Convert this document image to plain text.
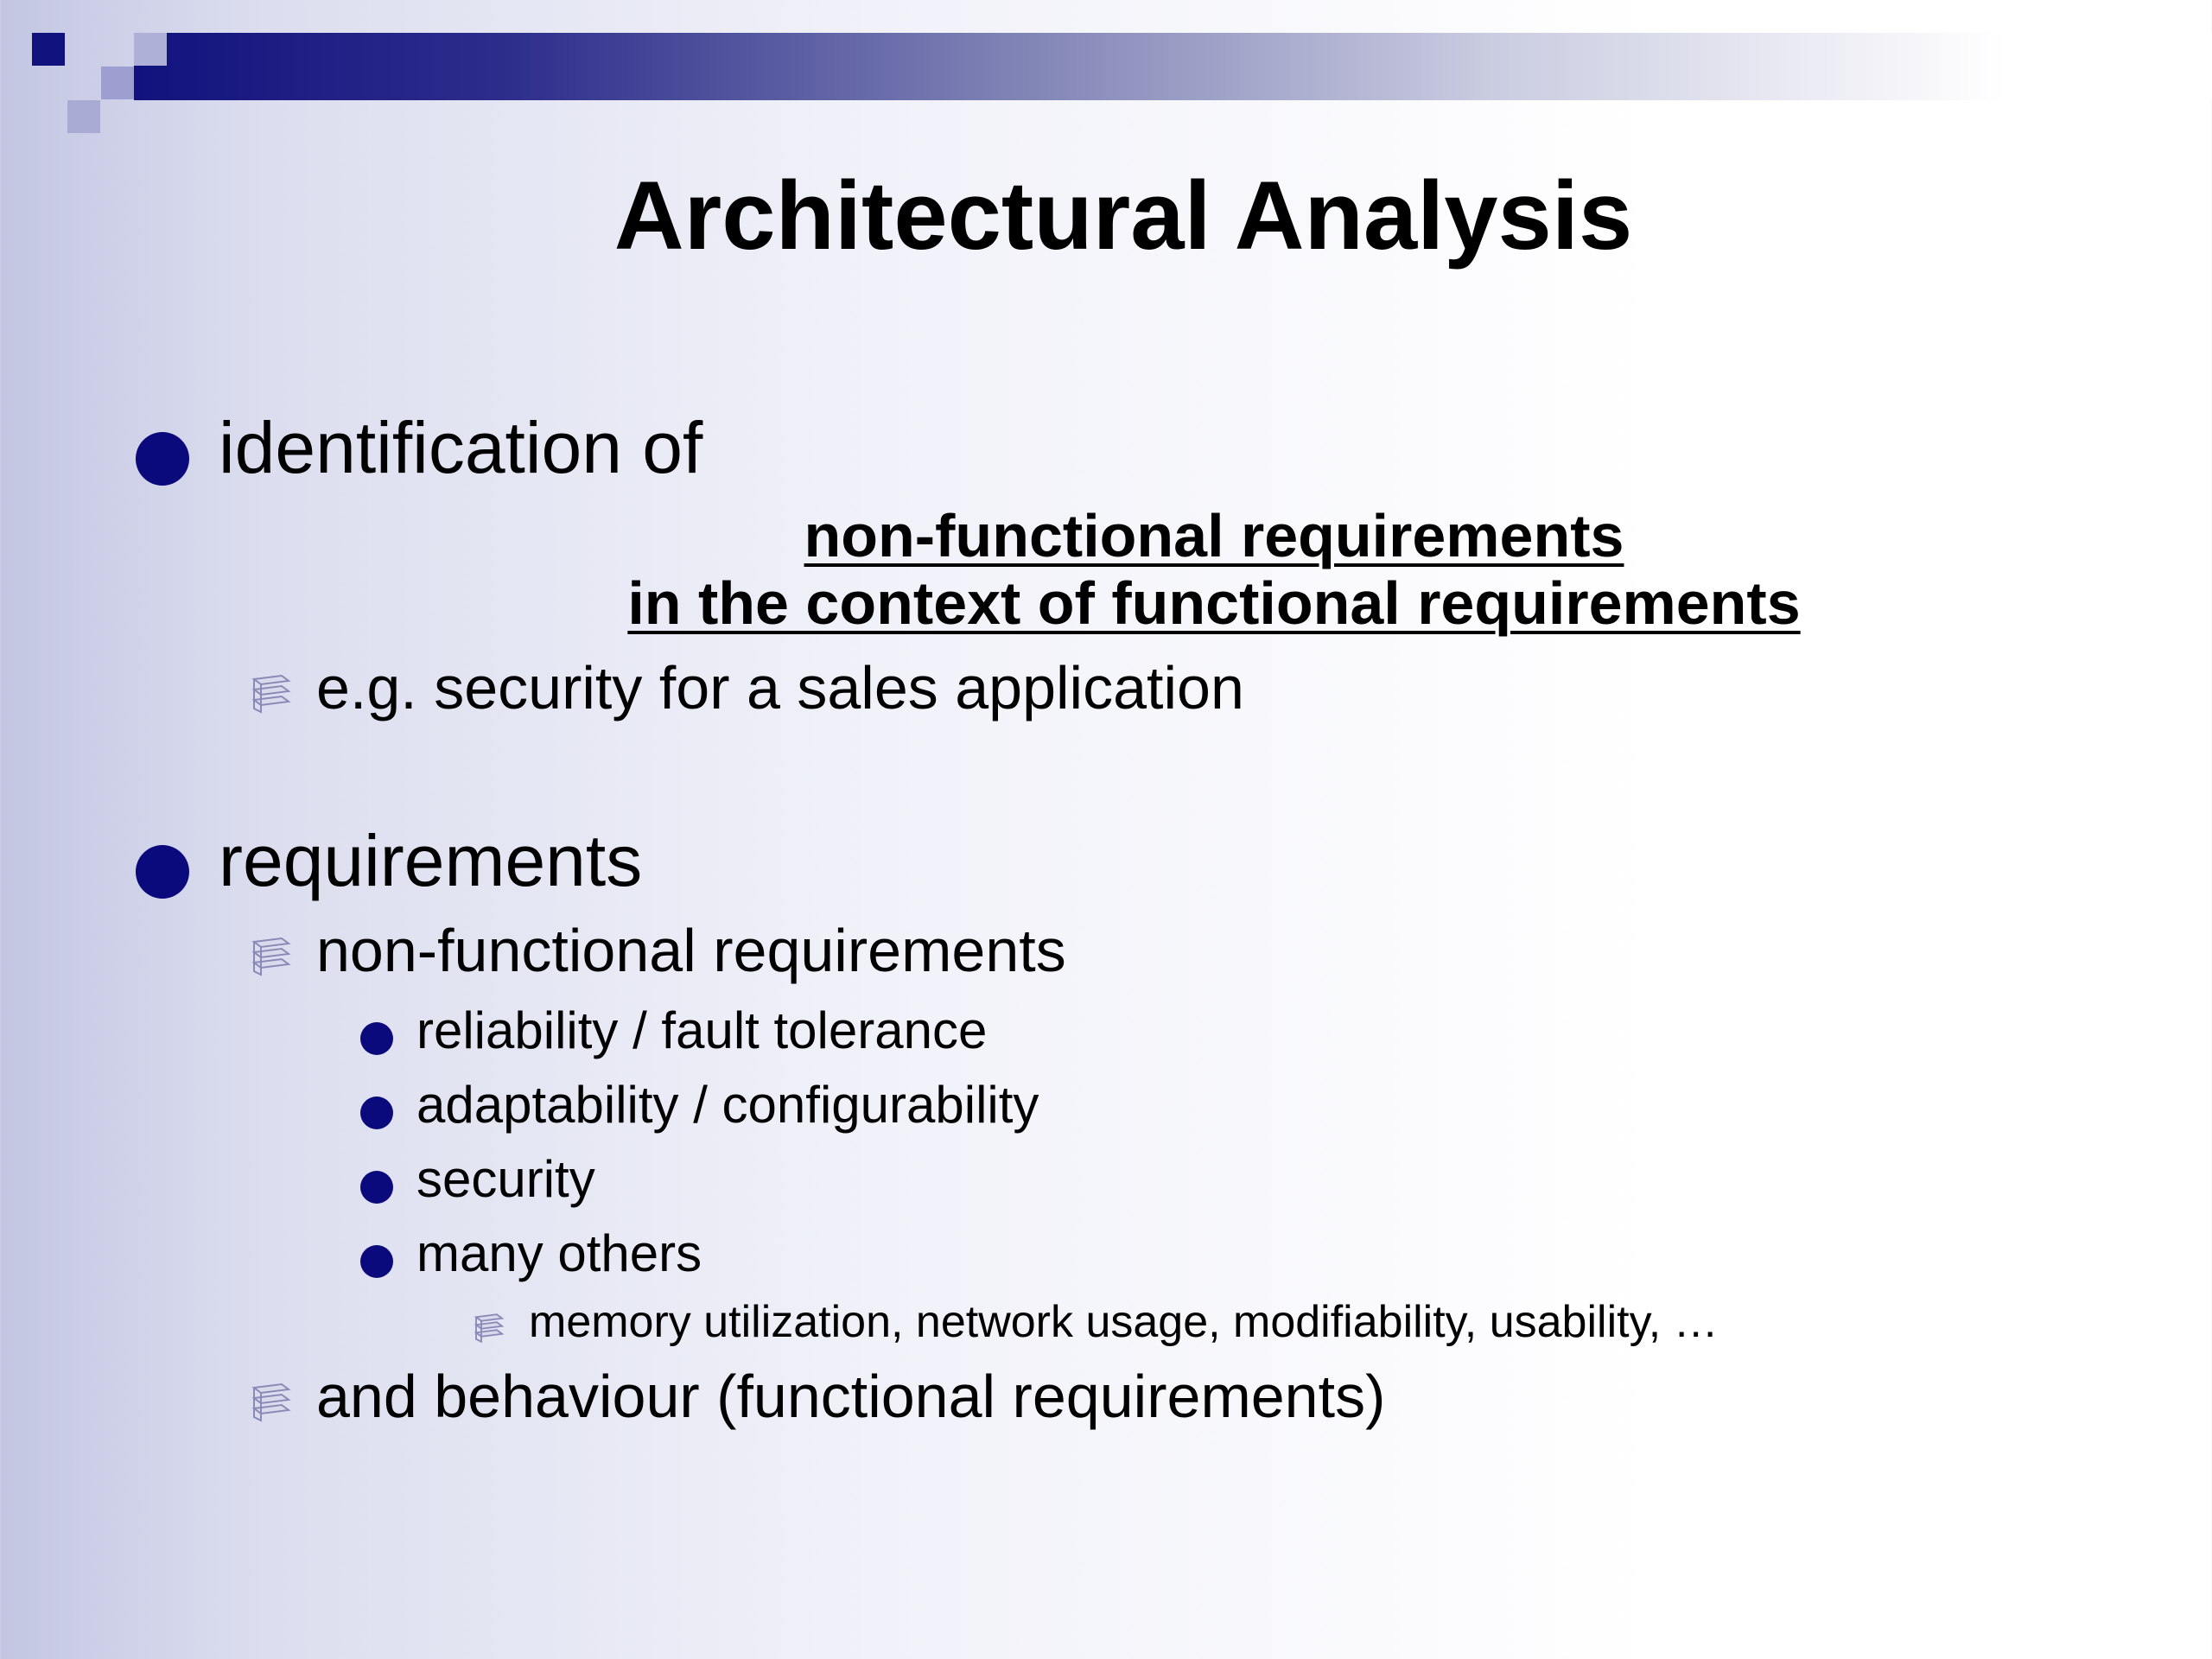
Architectural Analysis
identification of
non-functional requirements
in the context of functional requirements
e.g. security for a sales application
requirements
non-functional requirements
reliability / fault tolerance
adaptability / configurability
security
many others
memory utilization, network usage, modifiability, usability, …
and behaviour (functional requirements)
